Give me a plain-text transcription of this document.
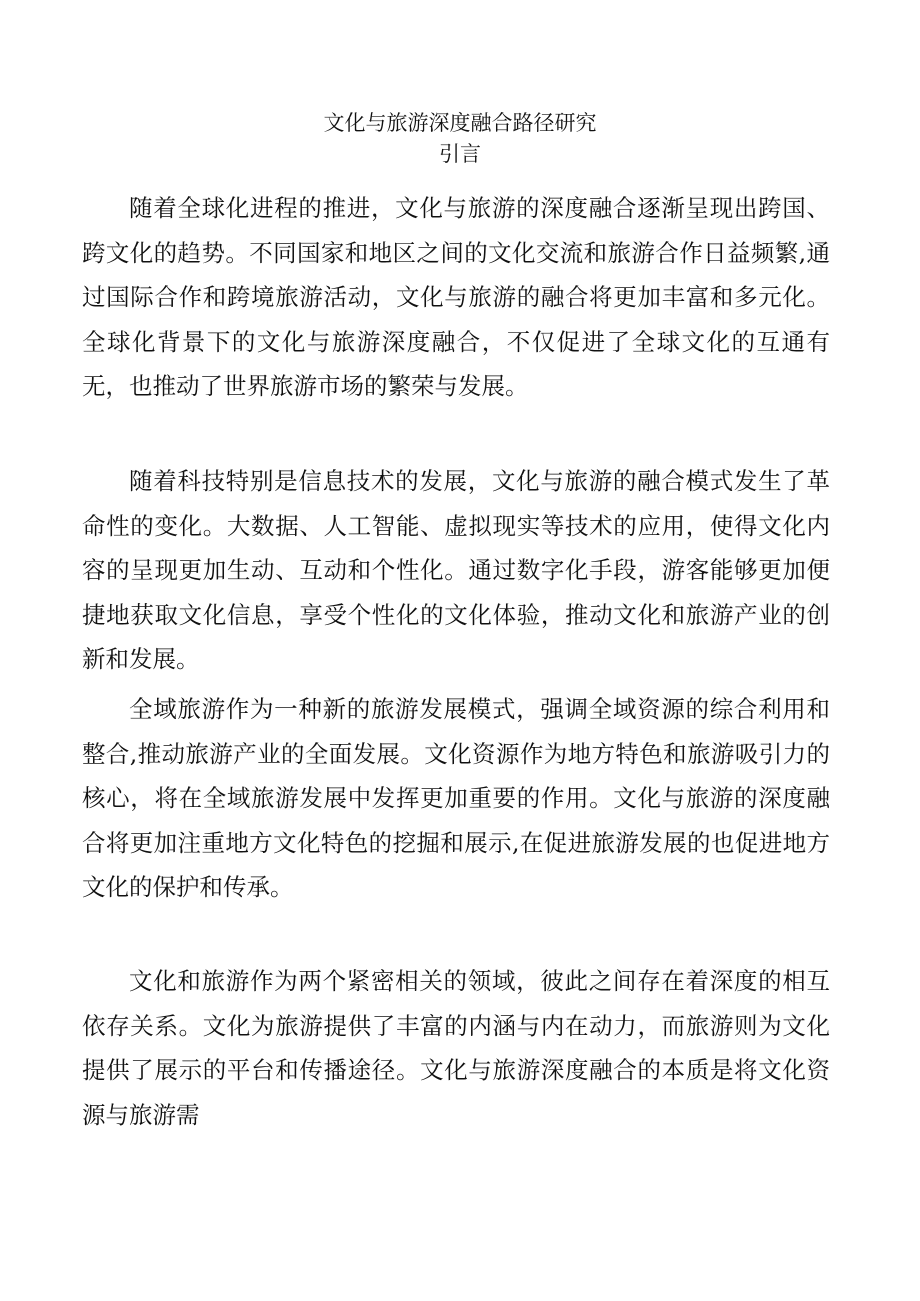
文化与旅游深度融合路径研究
引言

随着全球化进程的推进，文化与旅游的深度融合逐渐呈现出跨国、跨文化的趋势。不同国家和地区之间的文化交流和旅游合作日益频繁,通过国际合作和跨境旅游活动，文化与旅游的融合将更加丰富和多元化。全球化背景下的文化与旅游深度融合，不仅促进了全球文化的互通有无，也推动了世界旅游市场的繁荣与发展。

随着科技特别是信息技术的发展，文化与旅游的融合模式发生了革命性的变化。大数据、人工智能、虚拟现实等技术的应用，使得文化内容的呈现更加生动、互动和个性化。通过数字化手段，游客能够更加便捷地获取文化信息，享受个性化的文化体验，推动文化和旅游产业的创新和发展。

全域旅游作为一种新的旅游发展模式，强调全域资源的综合利用和整合,推动旅游产业的全面发展。文化资源作为地方特色和旅游吸引力的核心，将在全域旅游发展中发挥更加重要的作用。文化与旅游的深度融合将更加注重地方文化特色的挖掘和展示,在促进旅游发展的也促进地方文化的保护和传承。

文化和旅游作为两个紧密相关的领域，彼此之间存在着深度的相互依存关系。文化为旅游提供了丰富的内涵与内在动力，而旅游则为文化提供了展示的平台和传播途径。文化与旅游深度融合的本质是将文化资源与旅游需
